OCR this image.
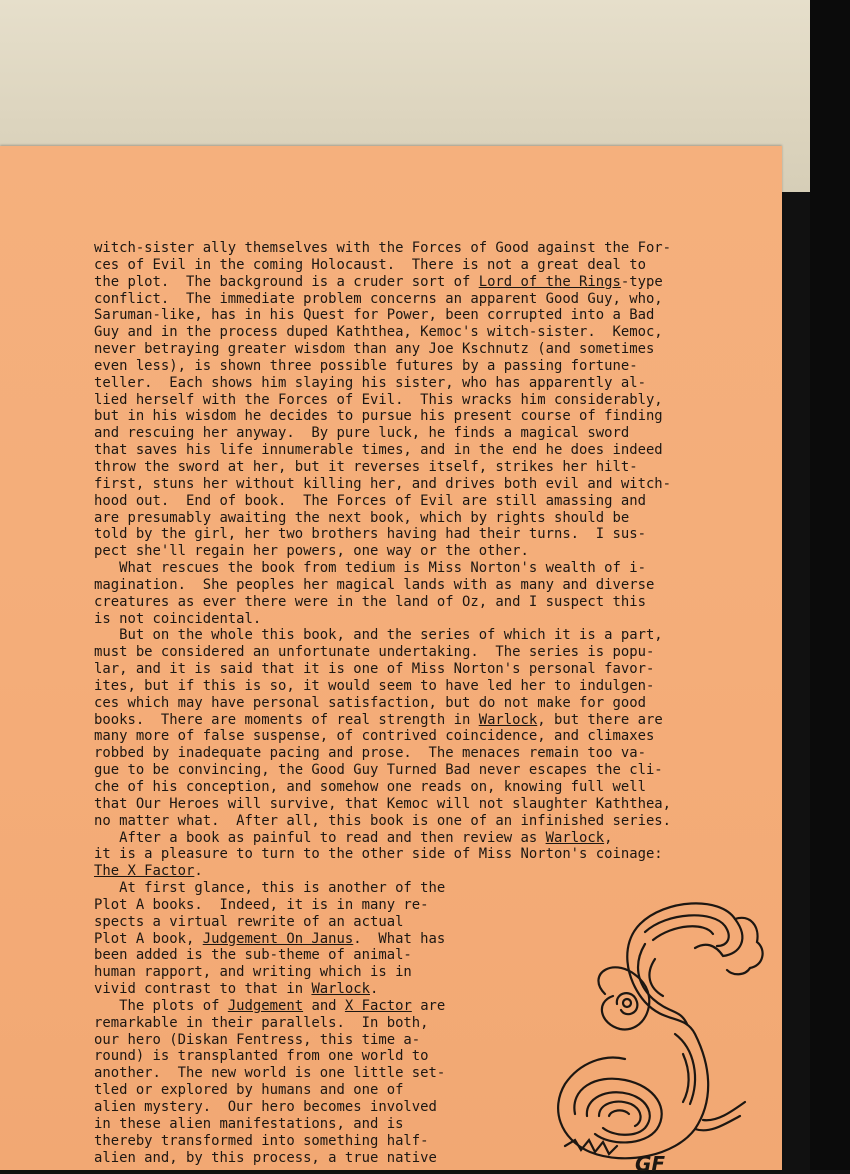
witch-sister ally themselves with the Forces of Good against the For-
ces of Evil in the coming Holocaust.  There is not a great deal to
the plot.  The background is a cruder sort of Lord of the Rings-type
conflict.  The immediate problem concerns an apparent Good Guy, who,
Saruman-like, has in his Quest for Power, been corrupted into a Bad
Guy and in the process duped Kaththea, Kemoc's witch-sister.  Kemoc,
never betraying greater wisdom than any Joe Kschnutz (and sometimes
even less), is shown three possible futures by a passing fortune-
teller.  Each shows him slaying his sister, who has apparently al-
lied herself with the Forces of Evil.  This wracks him considerably,
but in his wisdom he decides to pursue his present course of finding
and rescuing her anyway.  By pure luck, he finds a magical sword
that saves his life innumerable times, and in the end he does indeed
throw the sword at her, but it reverses itself, strikes her hilt-
first, stuns her without killing her, and drives both evil and witch-
hood out.  End of book.  The Forces of Evil are still amassing and
are presumably awaiting the next book, which by rights should be
told by the girl, her two brothers having had their turns.  I sus-
pect she'll regain her powers, one way or the other.
What rescues the book from tedium is Miss Norton's wealth of i-
magination.  She peoples her magical lands with as many and diverse
creatures as ever there were in the land of Oz, and I suspect this
is not coincidental.
But on the whole this book, and the series of which it is a part,
must be considered an unfortunate undertaking.  The series is popu-
lar, and it is said that it is one of Miss Norton's personal favor-
ites, but if this is so, it would seem to have led her to indulgen-
ces which may have personal satisfaction, but do not make for good
books.  There are moments of real strength in Warlock, but there are
many more of false suspense, of contrived coincidence, and climaxes
robbed by inadequate pacing and prose.  The menaces remain too va-
gue to be convincing, the Good Guy Turned Bad never escapes the cli-
che of his conception, and somehow one reads on, knowing full well
that Our Heroes will survive, that Kemoc will not slaughter Kaththea,
no matter what.  After all, this book is one of an infinished series.
After a book as painful to read and then review as Warlock,
it is a pleasure to turn to the other side of Miss Norton's coinage:
The X Factor.
At first glance, this is another of the
Plot A books.  Indeed, it is in many re-
spects a virtual rewrite of an actual
Plot A book, Judgement On Janus.  What has
been added is the sub-theme of animal-
human rapport, and writing which is in
vivid contrast to that in Warlock.
The plots of Judgement and X Factor are
remarkable in their parallels.  In both,
our hero (Diskan Fentress, this time a-
round) is transplanted from one world to
another.  The new world is one little set-
tled or explored by humans and one of
alien mystery.  Our hero becomes involved
in these alien manifestations, and is
thereby transformed into something half-
alien and, by this process, a true native	GF
